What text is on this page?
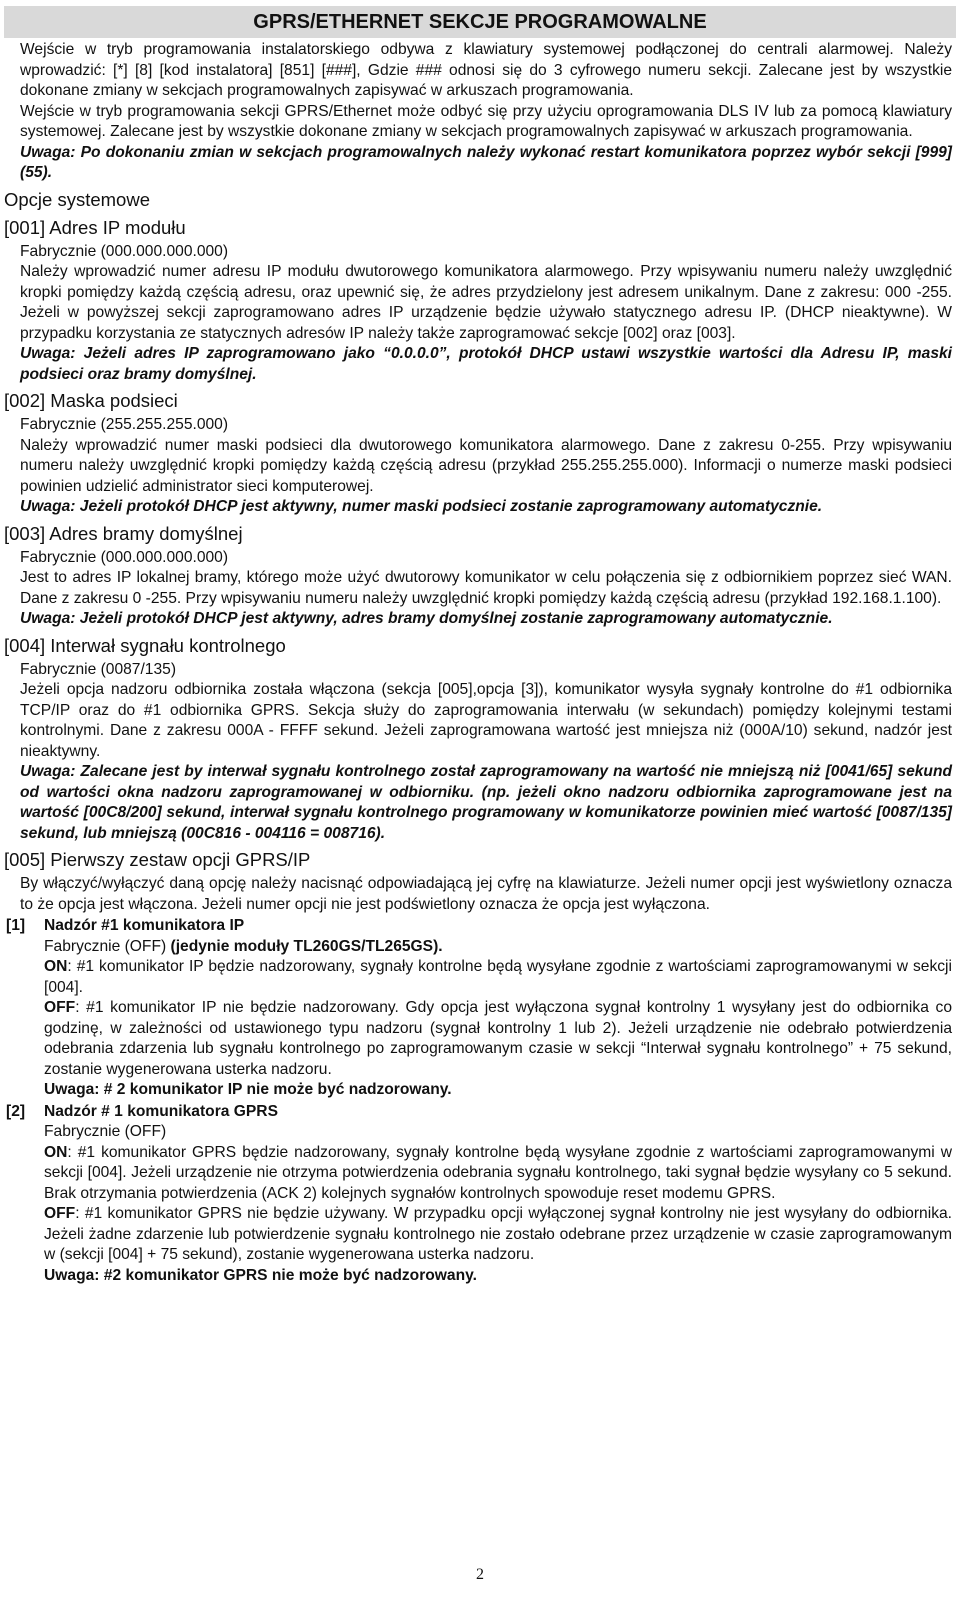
GPRS/ETHERNET SEKCJE PROGRAMOWALNE

Wejście w tryb programowania instalatorskiego odbywa z klawiatury systemowej podłączonej do centrali alarmowej. Należy wprowadzić: [*] [8] [kod instalatora] [851] [###], Gdzie ### odnosi się do 3 cyfrowego numeru sekcji. Zalecane jest by wszystkie dokonane zmiany w sekcjach programowalnych zapisywać w arkuszach programowania.

Wejście w tryb programowania sekcji GPRS/Ethernet może odbyć się przy użyciu oprogramowania DLS IV lub za pomocą klawiatury systemowej. Zalecane jest by wszystkie dokonane zmiany w sekcjach programowalnych zapisywać w arkuszach programowania.

Uwaga: Po dokonaniu zmian w sekcjach programowalnych należy wykonać restart komunikatora poprzez wybór sekcji [999] (55).

Opcje systemowe
[001] Adres IP modułu
Fabrycznie (000.000.000.000)

Należy wprowadzić numer adresu IP modułu dwutorowego komunikatora alarmowego. Przy wpisywaniu numeru należy uwzględnić kropki pomiędzy każdą częścią adresu, oraz upewnić się, że adres przydzielony jest adresem unikalnym. Dane z zakresu: 000 -255. Jeżeli w powyższej sekcji zaprogramowano adres IP urządzenie będzie używało statycznego adresu IP. (DHCP nieaktywne). W przypadku korzystania ze statycznych adresów IP należy także zaprogramować sekcje [002] oraz [003].

Uwaga: Jeżeli adres IP zaprogramowano jako “0.0.0.0”, protokół DHCP ustawi wszystkie wartości dla Adresu IP, maski podsieci oraz bramy domyślnej.

[002] Maska podsieci
Fabrycznie (255.255.255.000)

Należy wprowadzić numer maski podsieci dla dwutorowego komunikatora alarmowego. Dane z zakresu 0-255. Przy wpisywaniu numeru należy uwzględnić kropki pomiędzy każdą częścią adresu (przykład 255.255.255.000). Informacji o numerze maski podsieci powinien udzielić administrator sieci komputerowej.

Uwaga: Jeżeli protokół DHCP jest aktywny, numer maski podsieci zostanie zaprogramowany automatycznie.

[003] Adres bramy domyślnej
Fabrycznie (000.000.000.000)

Jest to adres IP lokalnej bramy, którego może użyć dwutorowy komunikator w celu połączenia się z odbiornikiem poprzez sieć WAN. Dane z zakresu 0 -255. Przy wpisywaniu numeru należy uwzględnić kropki pomiędzy każdą częścią adresu (przykład 192.168.1.100).

Uwaga: Jeżeli protokół DHCP jest aktywny, adres bramy domyślnej zostanie zaprogramowany automatycznie.

[004] Interwał sygnału kontrolnego
Fabrycznie (0087/135)

Jeżeli opcja nadzoru odbiornika została włączona (sekcja [005],opcja [3]), komunikator wysyła sygnały kontrolne do #1 odbiornika TCP/IP oraz do #1 odbiornika GPRS. Sekcja służy do zaprogramowania interwału (w sekundach) pomiędzy kolejnymi testami kontrolnymi. Dane z zakresu 000A - FFFF sekund. Jeżeli zaprogramowana wartość jest mniejsza niż (000A/10) sekund, nadzór jest nieaktywny.

Uwaga: Zalecane jest by interwał sygnału kontrolnego został zaprogramowany na wartość nie mniejszą niż [0041/65] sekund od wartości okna nadzoru zaprogramowanej w odbiorniku. (np. jeżeli okno nadzoru odbiornika zaprogramowane jest na wartość [00C8/200] sekund, interwał sygnału kontrolnego programowany w komunikatorze powinien mieć wartość [0087/135] sekund, lub mniejszą (00C816 - 004116 = 008716).

[005] Pierwszy zestaw opcji GPRS/IP

By włączyć/wyłączyć daną opcję należy nacisnąć odpowiadającą jej cyfrę na klawiaturze. Jeżeli numer opcji jest wyświetlony oznacza to że opcja jest włączona. Jeżeli numer opcji nie jest podświetlony oznacza że opcja jest wyłączona.

[1] Nadzór #1 komunikatora IP
Fabrycznie (OFF) (jedynie moduły TL260GS/TL265GS).

ON: #1 komunikator IP będzie nadzorowany, sygnały kontrolne będą wysyłane zgodnie z wartościami zaprogramowanymi w sekcji [004].

OFF: #1 komunikator IP nie będzie nadzorowany. Gdy opcja jest wyłączona sygnał kontrolny 1 wysyłany jest do odbiornika co godzinę, w zależności od ustawionego typu nadzoru (sygnał kontrolny 1 lub 2). Jeżeli urządzenie nie odebrało potwierdzenia odebrania zdarzenia lub sygnału kontrolnego po zaprogramowanym czasie w sekcji “Interwał sygnału kontrolnego” + 75 sekund, zostanie wygenerowana usterka nadzoru.

Uwaga: # 2 komunikator IP nie może być nadzorowany.

[2] Nadzór # 1 komunikatora GPRS
Fabrycznie (OFF)

ON: #1 komunikator GPRS będzie nadzorowany, sygnały kontrolne będą wysyłane zgodnie z wartościami zaprogramowanymi w sekcji [004]. Jeżeli urządzenie nie otrzyma potwierdzenia odebrania sygnału kontrolnego, taki sygnał będzie wysyłany co 5 sekund. Brak otrzymania potwierdzenia (ACK 2) kolejnych sygnałów kontrolnych spowoduje reset modemu GPRS.

OFF: #1 komunikator GPRS nie będzie używany. W przypadku opcji wyłączonej sygnał kontrolny nie jest wysyłany do odbiornika. Jeżeli żadne zdarzenie lub potwierdzenie sygnału kontrolnego nie zostało odebrane przez urządzenie w czasie zaprogramowanym w (sekcji [004] + 75 sekund), zostanie wygenerowana usterka nadzoru.

Uwaga: #2 komunikator GPRS nie może być nadzorowany.

2
